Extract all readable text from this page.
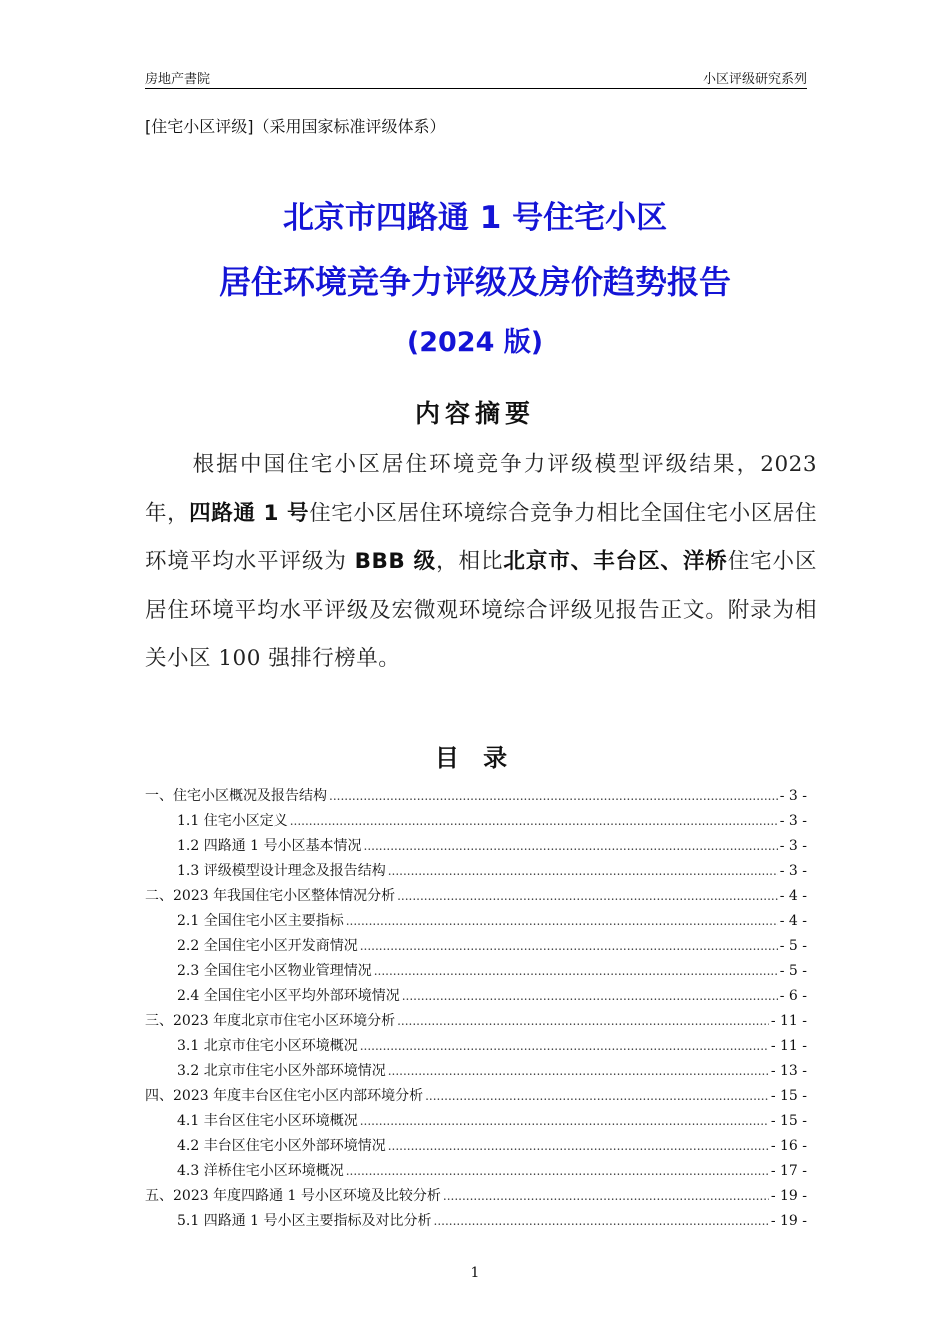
房地产書院	小区评级研究系列
[住宅小区评级]（采用国家标准评级体系）
北京市四路通 1 号住宅小区
居住环境竞争力评级及房价趋势报告
(2024 版)
内容摘要
根据中国住宅小区居住环境竞争力评级模型评级结果，2023 年，四路通 1 号住宅小区居住环境综合竞争力相比全国住宅小区居住环境平均水平评级为 BBB 级，相比北京市、丰台区、洋桥住宅小区居住环境平均水平评级及宏微观环境综合评级见报告正文。附录为相关小区 100 强排行榜单。
目 录
一、住宅小区概况及报告结构 .....	- 3 -
1.1 住宅小区定义 .....	- 3 -
1.2 四路通 1 号小区基本情况 .....	- 3 -
1.3 评级模型设计理念及报告结构 .....	- 3 -
二、2023 年我国住宅小区整体情况分析 .....	- 4 -
2.1 全国住宅小区主要指标 .....	- 4 -
2.2 全国住宅小区开发商情况 .....	- 5 -
2.3 全国住宅小区物业管理情况 .....	- 5 -
2.4 全国住宅小区平均外部环境情况 .....	- 6 -
三、2023 年度北京市住宅小区环境分析 .....	- 11 -
3.1 北京市住宅小区环境概况 .....	- 11 -
3.2 北京市住宅小区外部环境情况 .....	- 13 -
四、2023 年度丰台区住宅小区内部环境分析 .....	- 15 -
4.1 丰台区住宅小区环境概况 .....	- 15 -
4.2 丰台区住宅小区外部环境情况 .....	- 16 -
4.3 洋桥住宅小区环境概况 .....	- 17 -
五、2023 年度四路通 1 号小区环境及比较分析 .....	- 19 -
5.1 四路通 1 号小区主要指标及对比分析 .....	- 19 -
1
